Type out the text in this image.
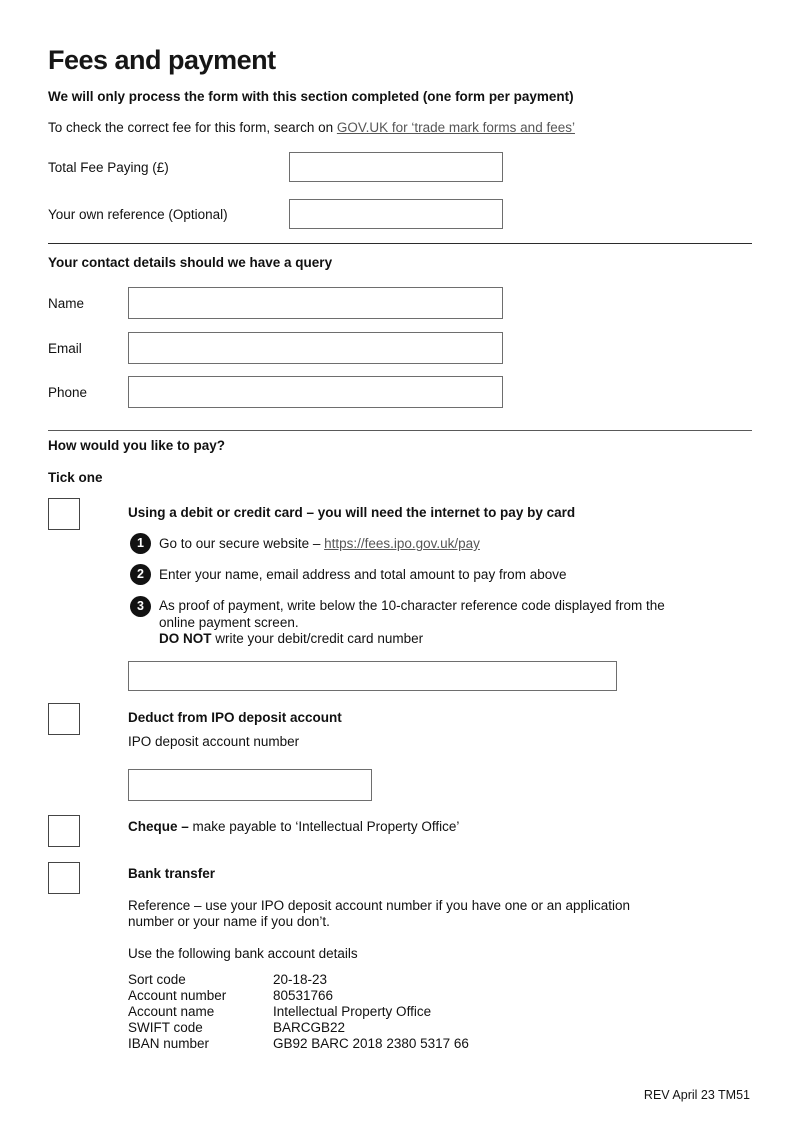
Fees and payment

We will only process the form with this section completed (one form per payment)

To check the correct fee for this form, search on GOV.UK for ‘trade mark forms and fees’

Total Fee Paying (£)
Your own reference (Optional)

Your contact details should we have a query

Name
Email
Phone

How would you like to pay?

Tick one

Using a debit or credit card – you will need the internet to pay by card

1	Go to our secure website – https://fees.ipo.gov.uk/pay
2	Enter your name, email address and total amount to pay from above
3	As proof of payment, write below the 10-character reference code displayed from the online payment screen.
DO NOT write your debit/credit card number

Deduct from IPO deposit account

IPO deposit account number

Cheque – make payable to ‘Intellectual Property Office’

Bank transfer

Reference – use your IPO deposit account number if you have one or an application number or your name if you don’t.

Use the following bank account details

Sort code	20-18-23
Account number	80531766
Account name	Intellectual Property Office
SWIFT code	BARCGB22
IBAN number	GB92 BARC 2018 2380 5317 66
REV April 23 TM51
